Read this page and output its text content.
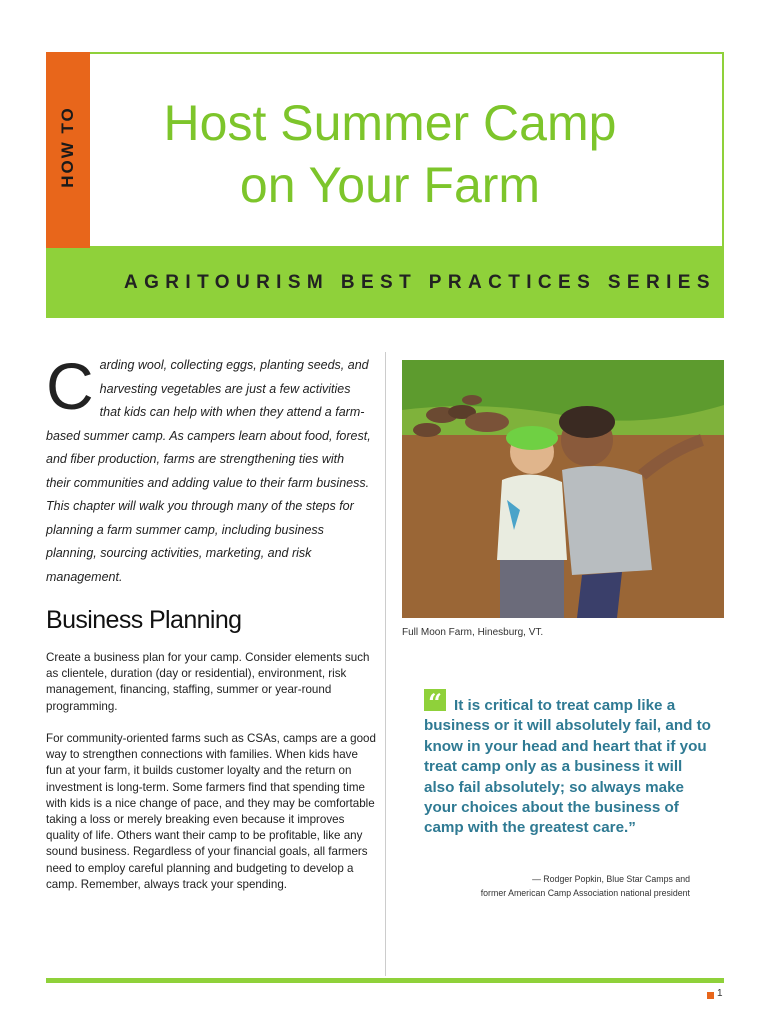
HOW TO	Host Summer Camp
on Your Farm
AGRITOURISM BEST PRACTICES SERIES
Carding wool, collecting eggs, planting seeds, and harvesting vegetables are just a few activities that kids can help with when they attend a farm-based summer camp. As campers learn about food, forest, and fiber production, farms are strengthening ties with their communities and adding value to their farm business. This chapter will walk you through many of the steps for planning a farm summer camp, including business planning, sourcing activities, marketing, and risk management.
Business Planning

Create a business plan for your camp. Consider elements such as clientele, duration (day or residential), environment, risk management, financing, staffing, summer or year-round programming.

For community-oriented farms such as CSAs, camps are a good way to strengthen connections with families. When kids have fun at your farm, it builds customer loyalty and the return on investment is long-term. Some farmers find that spending time with kids is a nice change of pace, and they may be comfortable taking a loss or merely breaking even because it improves quality of life. Others want their camp to be profitable, like any sound business. Regardless of your financial goals, all farmers need to employ careful planning and budgeting to develop a camp. Remember, always track your spending.

Full Moon Farm, Hinesburg, VT.
“ It is critical to treat camp like a business or it will absolutely fail, and to know in your head and heart that if you treat camp only as a business it will also fail absolutely; so always make your choices about the business of camp with the greatest care.”
— Rodger Popkin, Blue Star Camps and
former American Camp Association national president
1
